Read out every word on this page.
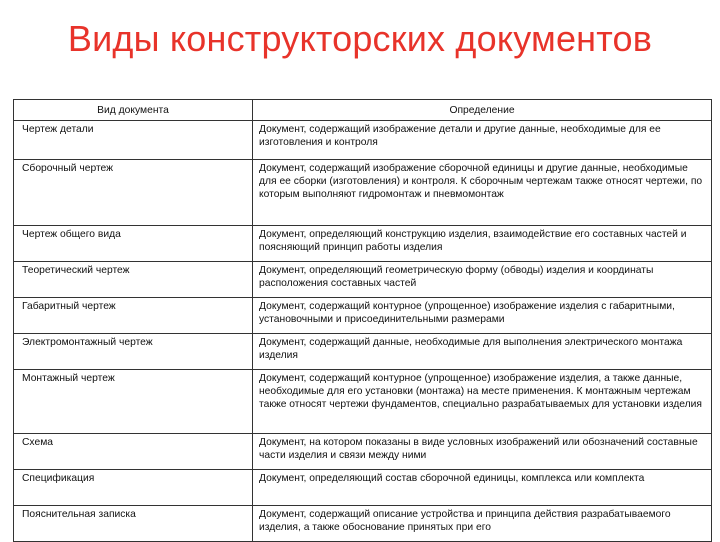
Виды конструкторских документов
Вид документа	Определение
Чертеж детали	Документ, содержащий изображение детали и другие данные, необходимые для ее изготовления и контроля
Сборочный чертеж	Документ, содержащий изображение сборочной единицы и другие данные, необходимые для ее сборки (изготовления) и контроля. К сборочным чертежам также относят чертежи, по которым выполняют гидромонтаж и пневмомонтаж
Чертеж общего вида	Документ, определяющий конструкцию изделия, взаимодействие его составных частей и поясняющий принцип работы изделия
Теоретический чертеж	Документ, определяющий геометрическую форму (обводы) изделия и координаты расположения составных частей
Габаритный чертеж	Документ, содержащий контурное (упрощенное) изображение изделия с габаритными, установочными и присоединительными размерами
Электромонтажный чертеж	Документ, содержащий данные, необходимые для выполнения электрического монтажа изделия
Монтажный чертеж	Документ, содержащий контурное (упрощенное) изображение изделия, а также данные, необходимые для его установки (монтажа) на месте применения. К монтажным чертежам также относят чертежи фундаментов, специально разрабатываемых для установки изделия
Схема	Документ, на котором показаны в виде условных изображений или обозначений составные части изделия и связи между ними
Спецификация	Документ, определяющий состав сборочной единицы, комплекса или комплекта
Пояснительная записка	Документ, содержащий описание устройства и принципа действия разрабатываемого изделия, а также обоснование принятых при его
